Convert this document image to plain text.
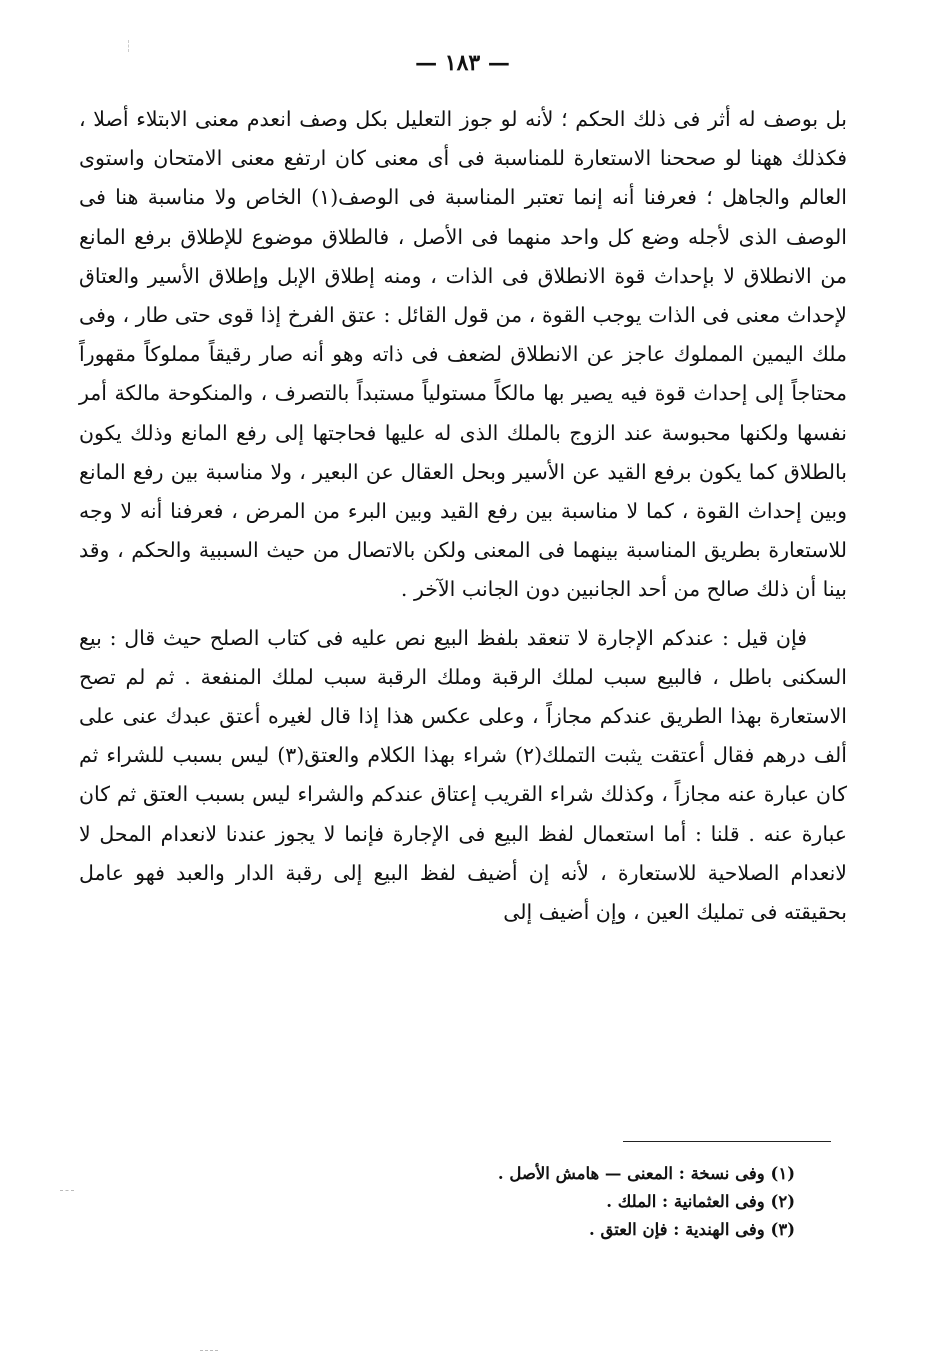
— ١٨٣ —

بل بوصف له أثر فى ذلك الحكم ؛ لأنه لو جوز التعليل بكل وصف انعدم معنى الابتلاء أصلا ، فكذلك ههنا لو صححنا الاستعارة للمناسبة فى أى معنى كان ارتفع معنى الامتحان واستوى العالم والجاهل ؛ فعرفنا أنه إنما تعتبر المناسبة فى الوصف(١) الخاص ولا مناسبة هنا فى الوصف الذى لأجله وضع كل واحد منهما فى الأصل ، فالطلاق موضوع للإطلاق برفع المانع من الانطلاق لا بإحداث قوة الانطلاق فى الذات ، ومنه إطلاق الإبل وإطلاق الأسير والعتاق لإحداث معنى فى الذات يوجب القوة ، من قول القائل : عتق الفرخ إذا قوى حتى طار ، وفى ملك اليمين المملوك عاجز عن الانطلاق لضعف فى ذاته وهو أنه صار رقيقاً مملوكاً مقهوراً محتاجاً إلى إحداث قوة فيه يصير بها مالكاً مستولياً مستبداً بالتصرف ، والمنكوحة مالكة أمر نفسها ولكنها محبوسة عند الزوج بالملك الذى له عليها فحاجتها إلى رفع المانع وذلك يكون بالطلاق كما يكون برفع القيد عن الأسير وبحل العقال عن البعير ، ولا مناسبة بين رفع المانع وبين إحداث القوة ، كما لا مناسبة بين رفع القيد وبين البرء من المرض ، فعرفنا أنه لا وجه للاستعارة بطريق المناسبة بينهما فى المعنى ولكن بالاتصال من حيث السببية والحكم ، وقد بينا أن ذلك صالح من أحد الجانبين دون الجانب الآخر .

فإن قيل : عندكم الإجارة لا تنعقد بلفظ البيع نص عليه فى كتاب الصلح حيث قال : بيع السكنى باطل ، فالبيع سبب لملك الرقبة وملك الرقبة سبب لملك المنفعة . ثم لم تصح الاستعارة بهذا الطريق عندكم مجازاً ، وعلى عكس هذا إذا قال لغيره أعتق عبدك عنى على ألف درهم فقال أعتقت يثبت التملك(٢) شراء بهذا الكلام والعتق(٣) ليس بسبب للشراء ثم كان عبارة عنه مجازاً ، وكذلك شراء القريب إعتاق عندكم والشراء ليس بسبب العتق ثم كان عبارة عنه . قلنا : أما استعمال لفظ البيع فى الإجارة فإنما لا يجوز عندنا لانعدام المحل لا لانعدام الصلاحية للاستعارة ، لأنه إن أضيف لفظ البيع إلى رقبة الدار والعبد فهو عامل بحقيقته فى تمليك العين ، وإن أضيف إلى

(١) وفى نسخة : المعنى — هامش الأصل .

(٢) وفى العثمانية : الملك .

(٣) وفى الهندية : فإن العتق .
